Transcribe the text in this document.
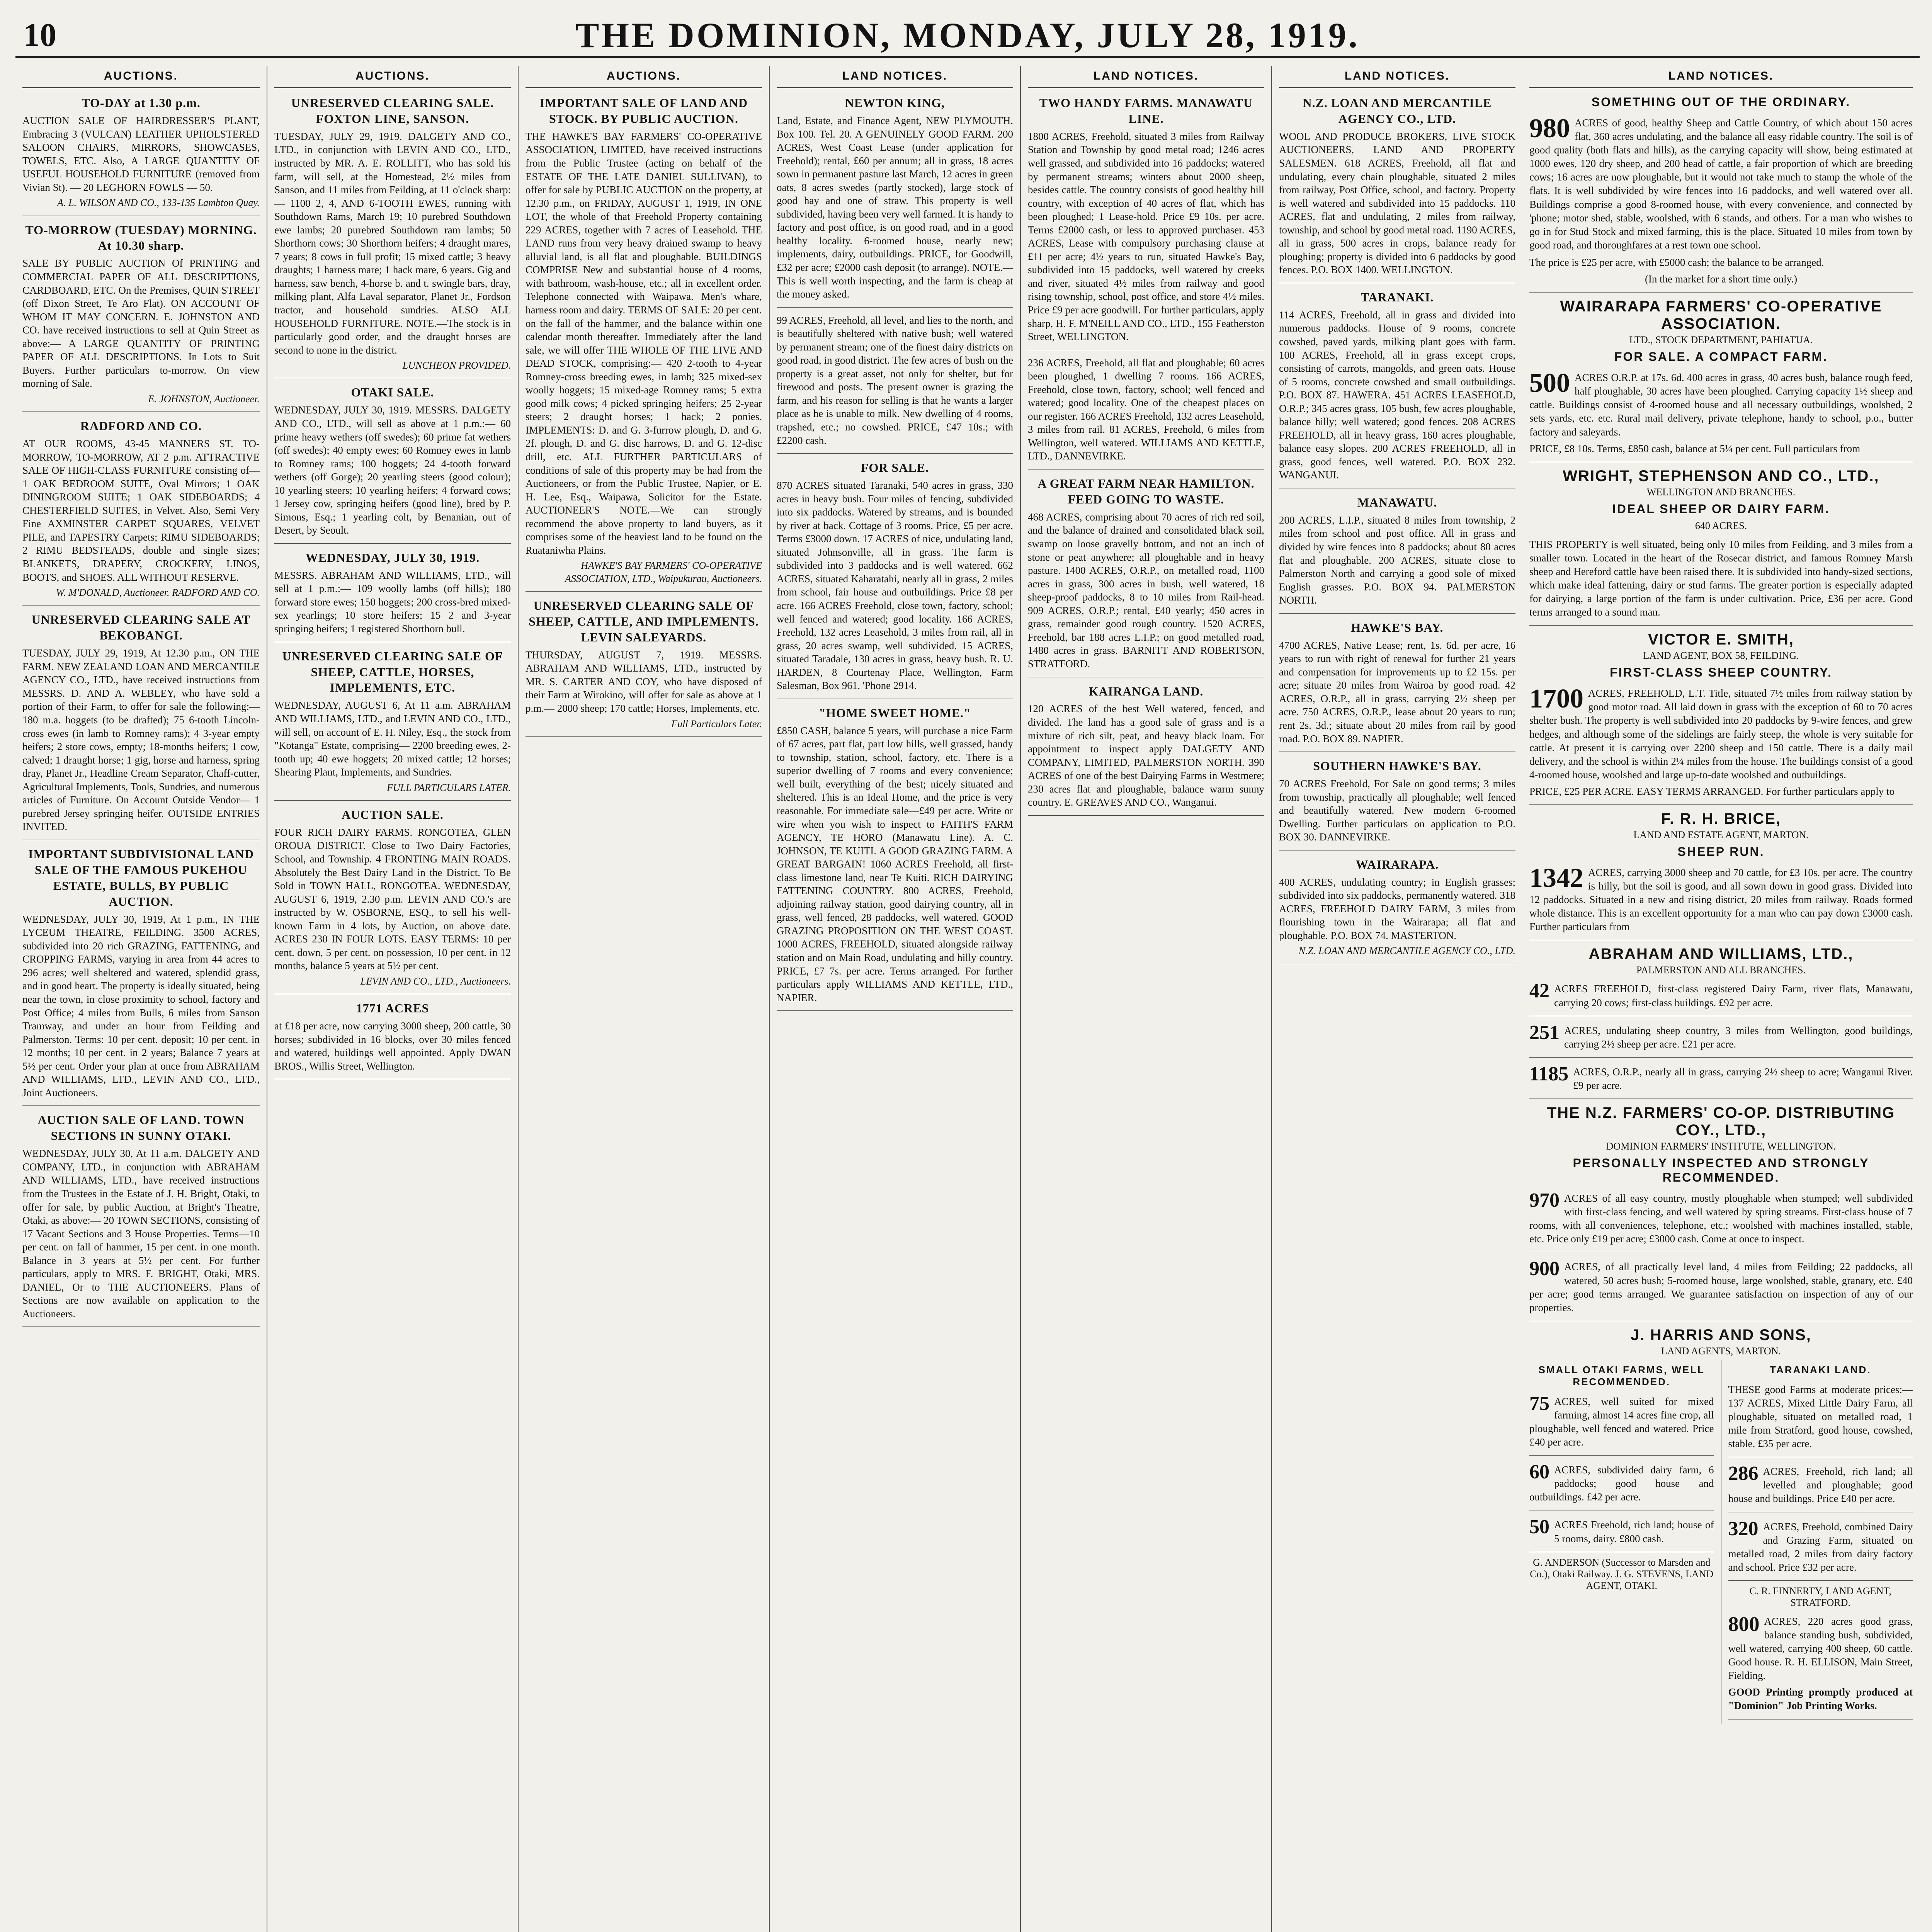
10	THE DOMINION, MONDAY, JULY 28, 1919.
AUCTIONS.
TO-DAY at 1.30 p.m.
AUCTION SALE OF HAIRDRESSER'S PLANT, Embracing 3 (VULCAN) LEATHER UPHOLSTERED SALOON CHAIRS, MIRRORS, SHOWCASES, TOWELS, ETC. Also, A LARGE QUANTITY OF USEFUL HOUSEHOLD FURNITURE (removed from Vivian St). — 20 LEGHORN FOWLS — 50.
A. L. WILSON AND CO., 133-135 Lambton Quay.
TO-MORROW (TUESDAY) MORNING. At 10.30 sharp.
SALE BY PUBLIC AUCTION Of PRINTING and COMMERCIAL PAPER OF ALL DESCRIPTIONS, CARDBOARD, ETC. On the Premises, QUIN STREET (off Dixon Street, Te Aro Flat). ON ACCOUNT OF WHOM IT MAY CONCERN. E. JOHNSTON AND CO. have received instructions to sell at Quin Street as above:— A LARGE QUANTITY OF PRINTING PAPER OF ALL DESCRIPTIONS. In Lots to Suit Buyers. Further particulars to-morrow. On view morning of Sale.
E. JOHNSTON, Auctioneer.
RADFORD AND CO.
AT OUR ROOMS, 43-45 MANNERS ST. TO-MORROW, TO-MORROW, AT 2 p.m. ATTRACTIVE SALE OF HIGH-CLASS FURNITURE consisting of— 1 OAK BEDROOM SUITE, Oval Mirrors; 1 OAK DININGROOM SUITE; 1 OAK SIDEBOARDS; 4 CHESTERFIELD SUITES, in Velvet. Also, Semi Very Fine AXMINSTER CARPET SQUARES, VELVET PILE, and TAPESTRY Carpets; RIMU SIDEBOARDS; 2 RIMU BEDSTEADS, double and single sizes; BLANKETS, DRAPERY, CROCKERY, LINOS, BOOTS, and SHOES. ALL WITHOUT RESERVE.
W. M'DONALD, Auctioneer. RADFORD AND CO.
UNRESERVED CLEARING SALE AT BEKOBANGI.
TUESDAY, JULY 29, 1919, At 12.30 p.m., ON THE FARM. NEW ZEALAND LOAN AND MERCANTILE AGENCY CO., LTD., have received instructions from MESSRS. D. AND A. WEBLEY, who have sold a portion of their Farm, to offer for sale the following:— 180 m.a. hoggets (to be drafted); 75 6-tooth Lincoln-cross ewes (in lamb to Romney rams); 4 3-year empty heifers; 2 store cows, empty; 18-months heifers; 1 cow, calved; 1 draught horse; 1 gig, horse and harness, spring dray, Planet Jr., Headline Cream Separator, Chaff-cutter, Agricultural Implements, Tools, Sundries, and numerous articles of Furniture. On Account Outside Vendor— 1 purebred Jersey springing heifer. OUTSIDE ENTRIES INVITED.
IMPORTANT SUBDIVISIONAL LAND SALE OF THE FAMOUS PUKEHOU ESTATE, BULLS, BY PUBLIC AUCTION.
WEDNESDAY, JULY 30, 1919, At 1 p.m., IN THE LYCEUM THEATRE, FEILDING. 3500 ACRES, subdivided into 20 rich GRAZING, FATTENING, and CROPPING FARMS, varying in area from 44 acres to 296 acres; well sheltered and watered, splendid grass, and in good heart. The property is ideally situated, being near the town, in close proximity to school, factory and Post Office; 4 miles from Bulls, 6 miles from Sanson Tramway, and under an hour from Feilding and Palmerston. Terms: 10 per cent. deposit; 10 per cent. in 12 months; 10 per cent. in 2 years; Balance 7 years at 5½ per cent. Order your plan at once from ABRAHAM AND WILLIAMS, LTD., LEVIN AND CO., LTD., Joint Auctioneers.
AUCTION SALE OF LAND. TOWN SECTIONS IN SUNNY OTAKI.
WEDNESDAY, JULY 30, At 11 a.m. DALGETY AND COMPANY, LTD., in conjunction with ABRAHAM AND WILLIAMS, LTD., have received instructions from the Trustees in the Estate of J. H. Bright, Otaki, to offer for sale, by public Auction, at Bright's Theatre, Otaki, as above:— 20 TOWN SECTIONS, consisting of 17 Vacant Sections and 3 House Properties. Terms—10 per cent. on fall of hammer, 15 per cent. in one month. Balance in 3 years at 5½ per cent. For further particulars, apply to MRS. F. BRIGHT, Otaki, MRS. DANIEL, Or to THE AUCTIONEERS. Plans of Sections are now available on application to the Auctioneers.
AUCTIONS.
UNRESERVED CLEARING SALE. FOXTON LINE, SANSON.
TUESDAY, JULY 29, 1919. DALGETY AND CO., LTD., in conjunction with LEVIN AND CO., LTD., instructed by MR. A. E. ROLLITT, who has sold his farm, will sell, at the Homestead, 2½ miles from Sanson, and 11 miles from Feilding, at 11 o'clock sharp:— 1100 2, 4, AND 6-TOOTH EWES, running with Southdown Rams, March 19; 10 purebred Southdown ewe lambs; 20 purebred Southdown ram lambs; 50 Shorthorn cows; 30 Shorthorn heifers; 4 draught mares, 7 years; 8 cows in full profit; 15 mixed cattle; 3 heavy draughts; 1 harness mare; 1 hack mare, 6 years. Gig and harness, saw bench, 4-horse b. and t. swingle bars, dray, milking plant, Alfa Laval separator, Planet Jr., Fordson tractor, and household sundries. ALSO ALL HOUSEHOLD FURNITURE. NOTE.—The stock is in particularly good order, and the draught horses are second to none in the district.
LUNCHEON PROVIDED.
OTAKI SALE.
WEDNESDAY, JULY 30, 1919. MESSRS. DALGETY AND CO., LTD., will sell as above at 1 p.m.:— 60 prime heavy wethers (off swedes); 60 prime fat wethers (off swedes); 40 empty ewes; 60 Romney ewes in lamb to Romney rams; 100 hoggets; 24 4-tooth forward wethers (off Gorge); 20 yearling steers (good colour); 10 yearling steers; 10 yearling heifers; 4 forward cows; 1 Jersey cow, springing heifers (good line), bred by P. Simons, Esq.; 1 yearling colt, by Benanian, out of Desert, by Seoult.
WEDNESDAY, JULY 30, 1919.
MESSRS. ABRAHAM AND WILLIAMS, LTD., will sell at 1 p.m.:— 109 woolly lambs (off hills); 180 forward store ewes; 150 hoggets; 200 cross-bred mixed-sex yearlings; 10 store heifers; 15 2 and 3-year springing heifers; 1 registered Shorthorn bull.
UNRESERVED CLEARING SALE OF SHEEP, CATTLE, HORSES, IMPLEMENTS, ETC.
WEDNESDAY, AUGUST 6, At 11 a.m. ABRAHAM AND WILLIAMS, LTD., and LEVIN AND CO., LTD., will sell, on account of E. H. Niley, Esq., the stock from "Kotanga" Estate, comprising— 2200 breeding ewes, 2-tooth up; 40 ewe hoggets; 20 mixed cattle; 12 horses; Shearing Plant, Implements, and Sundries.
FULL PARTICULARS LATER.
AUCTION SALE.
FOUR RICH DAIRY FARMS. RONGOTEA, GLEN OROUA DISTRICT. Close to Two Dairy Factories, School, and Township. 4 FRONTING MAIN ROADS. Absolutely the Best Dairy Land in the District. To Be Sold in TOWN HALL, RONGOTEA. WEDNESDAY, AUGUST 6, 1919, 2.30 p.m. LEVIN AND CO.'s are instructed by W. OSBORNE, ESQ., to sell his well-known Farm in 4 lots, by Auction, on above date. ACRES 230 IN FOUR LOTS. EASY TERMS: 10 per cent. down, 5 per cent. on possession, 10 per cent. in 12 months, balance 5 years at 5½ per cent.
LEVIN AND CO., LTD., Auctioneers.
1771 ACRES
at £18 per acre, now carrying 3000 sheep, 200 cattle, 30 horses; subdivided in 16 blocks, over 30 miles fenced and watered, buildings well appointed. Apply DWAN BROS., Willis Street, Wellington.
AUCTIONS.
IMPORTANT SALE OF LAND AND STOCK. BY PUBLIC AUCTION.
THE HAWKE'S BAY FARMERS' CO-OPERATIVE ASSOCIATION, LIMITED, have received instructions from the Public Trustee (acting on behalf of the ESTATE OF THE LATE DANIEL SULLIVAN), to offer for sale by PUBLIC AUCTION on the property, at 12.30 p.m., on FRIDAY, AUGUST 1, 1919, IN ONE LOT, the whole of that Freehold Property containing 229 ACRES, together with 7 acres of Leasehold. THE LAND runs from very heavy drained swamp to heavy alluvial land, is all flat and ploughable. BUILDINGS COMPRISE New and substantial house of 4 rooms, with bathroom, wash-house, etc.; all in excellent order. Telephone connected with Waipawa. Men's whare, harness room and dairy. TERMS OF SALE: 20 per cent. on the fall of the hammer, and the balance within one calendar month thereafter. Immediately after the land sale, we will offer THE WHOLE OF THE LIVE AND DEAD STOCK, comprising:— 420 2-tooth to 4-year Romney-cross breeding ewes, in lamb; 325 mixed-sex woolly hoggets; 15 mixed-age Romney rams; 5 extra good milk cows; 4 picked springing heifers; 25 2-year steers; 2 draught horses; 1 hack; 2 ponies. IMPLEMENTS: D. and G. 3-furrow plough, D. and G. 2f. plough, D. and G. disc harrows, D. and G. 12-disc drill, etc. ALL FURTHER PARTICULARS of conditions of sale of this property may be had from the Auctioneers, or from the Public Trustee, Napier, or E. H. Lee, Esq., Waipawa, Solicitor for the Estate. AUCTIONEER'S NOTE.—We can strongly recommend the above property to land buyers, as it comprises some of the heaviest land to be found on the Ruataniwha Plains.
HAWKE'S BAY FARMERS' CO-OPERATIVE ASSOCIATION, LTD., Waipukurau, Auctioneers.
UNRESERVED CLEARING SALE OF SHEEP, CATTLE, AND IMPLEMENTS. LEVIN SALEYARDS.
THURSDAY, AUGUST 7, 1919. MESSRS. ABRAHAM AND WILLIAMS, LTD., instructed by MR. S. CARTER AND COY, who have disposed of their Farm at Wirokino, will offer for sale as above at 1 p.m.— 2000 sheep; 170 cattle; Horses, Implements, etc.
Full Particulars Later.
LAND NOTICES.
NEWTON KING,
Land, Estate, and Finance Agent, NEW PLYMOUTH. Box 100. Tel. 20. A GENUINELY GOOD FARM. 200 ACRES, West Coast Lease (under application for Freehold); rental, £60 per annum; all in grass, 18 acres sown in permanent pasture last March, 12 acres in green oats, 8 acres swedes (partly stocked), large stock of good hay and one of straw. This property is well subdivided, having been very well farmed. It is handy to factory and post office, is on good road, and in a good healthy locality. 6-roomed house, nearly new; implements, dairy, outbuildings. PRICE, for Goodwill, £32 per acre; £2000 cash deposit (to arrange). NOTE.—This is well worth inspecting, and the farm is cheap at the money asked.
99 ACRES, Freehold, all level, and lies to the north, and is beautifully sheltered with native bush; well watered by permanent stream; one of the finest dairy districts on good road, in good district. The few acres of bush on the property is a great asset, not only for shelter, but for firewood and posts. The present owner is grazing the farm, and his reason for selling is that he wants a larger place as he is unable to milk. New dwelling of 4 rooms, trapshed, etc.; no cowshed. PRICE, £47 10s.; with £2200 cash.
FOR SALE.
870 ACRES situated Taranaki, 540 acres in grass, 330 acres in heavy bush. Four miles of fencing, subdivided into six paddocks. Watered by streams, and is bounded by river at back. Cottage of 3 rooms. Price, £5 per acre. Terms £3000 down. 17 ACRES of nice, undulating land, situated Johnsonville, all in grass. The farm is subdivided into 3 paddocks and is well watered. 662 ACRES, situated Kaharatahi, nearly all in grass, 2 miles from school, fair house and outbuildings. Price £8 per acre. 166 ACRES Freehold, close town, factory, school; well fenced and watered; good locality. 166 ACRES, Freehold, 132 acres Leasehold, 3 miles from rail, all in grass, 20 acres swamp, well subdivided. 15 ACRES, situated Taradale, 130 acres in grass, heavy bush. R. U. HARDEN, 8 Courtenay Place, Wellington, Farm Salesman, Box 961. 'Phone 2914.
"HOME SWEET HOME."
£850 CASH, balance 5 years, will purchase a nice Farm of 67 acres, part flat, part low hills, well grassed, handy to township, station, school, factory, etc. There is a superior dwelling of 7 rooms and every convenience; well built, everything of the best; nicely situated and sheltered. This is an Ideal Home, and the price is very reasonable. For immediate sale—£49 per acre. Write or wire when you wish to inspect to FAITH'S FARM AGENCY, TE HORO (Manawatu Line). A. C. JOHNSON, TE KUITI. A GOOD GRAZING FARM. A GREAT BARGAIN! 1060 ACRES Freehold, all first-class limestone land, near Te Kuiti. RICH DAIRYING FATTENING COUNTRY. 800 ACRES, Freehold, adjoining railway station, good dairying country, all in grass, well fenced, 28 paddocks, well watered. GOOD GRAZING PROPOSITION ON THE WEST COAST. 1000 ACRES, FREEHOLD, situated alongside railway station and on Main Road, undulating and hilly country. PRICE, £7 7s. per acre. Terms arranged. For further particulars apply WILLIAMS AND KETTLE, LTD., NAPIER.
LAND NOTICES.
TWO HANDY FARMS. MANAWATU LINE.
1800 ACRES, Freehold, situated 3 miles from Railway Station and Township by good metal road; 1246 acres well grassed, and subdivided into 16 paddocks; watered by permanent streams; winters about 2000 sheep, besides cattle. The country consists of good healthy hill country, with exception of 40 acres of flat, which has been ploughed; 1 Lease-hold. Price £9 10s. per acre. Terms £2000 cash, or less to approved purchaser. 453 ACRES, Lease with compulsory purchasing clause at £11 per acre; 4½ years to run, situated Hawke's Bay, subdivided into 15 paddocks, well watered by creeks and river, situated 4½ miles from railway and good rising township, school, post office, and store 4½ miles. Price £9 per acre goodwill. For further particulars, apply sharp, H. F. M'NEILL AND CO., LTD., 155 Featherston Street, WELLINGTON.
236 ACRES, Freehold, all flat and ploughable; 60 acres been ploughed, 1 dwelling 7 rooms. 166 ACRES, Freehold, close town, factory, school; well fenced and watered; good locality. One of the cheapest places on our register. 166 ACRES Freehold, 132 acres Leasehold, 3 miles from rail. 81 ACRES, Freehold, 6 miles from Wellington, well watered. WILLIAMS AND KETTLE, LTD., DANNEVIRKE.
A GREAT FARM NEAR HAMILTON. FEED GOING TO WASTE.
468 ACRES, comprising about 70 acres of rich red soil, and the balance of drained and consolidated black soil, swamp on loose gravelly bottom, and not an inch of stone or peat anywhere; all ploughable and in heavy pasture. 1400 ACRES, O.R.P., on metalled road, 1100 acres in grass, 300 acres in bush, well watered, 18 sheep-proof paddocks, 8 to 10 miles from Rail-head. 909 ACRES, O.R.P.; rental, £40 yearly; 450 acres in grass, remainder good rough country. 1520 ACRES, Freehold, bar 188 acres L.I.P.; on good metalled road, 1480 acres in grass. BARNITT AND ROBERTSON, STRATFORD.
KAIRANGA LAND.
120 ACRES of the best Well watered, fenced, and divided. The land has a good sale of grass and is a mixture of rich silt, peat, and heavy black loam. For appointment to inspect apply DALGETY AND COMPANY, LIMITED, PALMERSTON NORTH. 390 ACRES of one of the best Dairying Farms in Westmere; 230 acres flat and ploughable, balance warm sunny country. E. GREAVES AND CO., Wanganui.
LAND NOTICES.
N.Z. LOAN AND MERCANTILE AGENCY CO., LTD.
WOOL AND PRODUCE BROKERS, LIVE STOCK AUCTIONEERS, LAND AND PROPERTY SALESMEN. 618 ACRES, Freehold, all flat and undulating, every chain ploughable, situated 2 miles from railway, Post Office, school, and factory. Property is well watered and subdivided into 15 paddocks. 110 ACRES, flat and undulating, 2 miles from railway, township, and school by good metal road. 1190 ACRES, all in grass, 500 acres in crops, balance ready for ploughing; property is divided into 6 paddocks by good fences. P.O. BOX 1400. WELLINGTON.
TARANAKI.
114 ACRES, Freehold, all in grass and divided into numerous paddocks. House of 9 rooms, concrete cowshed, paved yards, milking plant goes with farm. 100 ACRES, Freehold, all in grass except crops, consisting of carrots, mangolds, and green oats. House of 5 rooms, concrete cowshed and small outbuildings. P.O. BOX 87. HAWERA. 451 ACRES LEASEHOLD, O.R.P.; 345 acres grass, 105 bush, few acres ploughable, balance hilly; well watered; good fences. 208 ACRES FREEHOLD, all in heavy grass, 160 acres ploughable, balance easy slopes. 200 ACRES FREEHOLD, all in grass, good fences, well watered. P.O. BOX 232. WANGANUI.
MANAWATU.
200 ACRES, L.I.P., situated 8 miles from township, 2 miles from school and post office. All in grass and divided by wire fences into 8 paddocks; about 80 acres flat and ploughable. 200 ACRES, situate close to Palmerston North and carrying a good sole of mixed English grasses. P.O. BOX 94. PALMERSTON NORTH.
HAWKE'S BAY.
4700 ACRES, Native Lease; rent, 1s. 6d. per acre, 16 years to run with right of renewal for further 21 years and compensation for improvements up to £2 15s. per acre; situate 20 miles from Wairoa by good road. 42 ACRES, O.R.P., all in grass, carrying 2½ sheep per acre. 750 ACRES, O.R.P., lease about 20 years to run; rent 2s. 3d.; situate about 20 miles from rail by good road. P.O. BOX 89. NAPIER.
SOUTHERN HAWKE'S BAY.
70 ACRES Freehold, For Sale on good terms; 3 miles from township, practically all ploughable; well fenced and beautifully watered. New modern 6-roomed Dwelling. Further particulars on application to P.O. BOX 30. DANNEVIRKE.
WAIRARAPA.
400 ACRES, undulating country; in English grasses; subdivided into six paddocks, permanently watered. 318 ACRES, FREEHOLD DAIRY FARM, 3 miles from flourishing town in the Wairarapa; all flat and ploughable. P.O. BOX 74. MASTERTON.
N.Z. LOAN AND MERCANTILE AGENCY CO., LTD.
LAND NOTICES.
SOMETHING OUT OF THE ORDINARY.
980 ACRES of good, healthy Sheep and Cattle Country, of which about 150 acres flat, 360 acres undulating, and the balance all easy ridable country. The soil is of good quality (both flats and hills), as the carrying capacity will show, being estimated at 1000 ewes, 120 dry sheep, and 200 head of cattle, a fair proportion of which are breeding cows; 16 acres are now ploughable, but it would not take much to stamp the whole of the flats. It is well subdivided by wire fences into 16 paddocks, and well watered over all. Buildings comprise a good 8-roomed house, with every convenience, and connected by 'phone; motor shed, stable, woolshed, with 6 stands, and others. For a man who wishes to go in for Stud Stock and mixed farming, this is the place. Situated 10 miles from town by good road, and thoroughfares at a rest town one school.

The price is £25 per acre, with £5000 cash; the balance to be arranged.

(In the market for a short time only.)

WAIRARAPA FARMERS' CO-OPERATIVE ASSOCIATION.
LTD., STOCK DEPARTMENT, PAHIATUA.
FOR SALE. A COMPACT FARM.
500 ACRES O.R.P. at 17s. 6d. 400 acres in grass, 40 acres bush, balance rough feed, half ploughable, 30 acres have been ploughed. Carrying capacity 1½ sheep and cattle. Buildings consist of 4-roomed house and all necessary outbuildings, woolshed, 2 sets yards, etc. etc. Rural mail delivery, private telephone, handy to school, p.o., butter factory and saleyards.

PRICE, £8 10s. Terms, £850 cash, balance at 5¼ per cent. Full particulars from

WRIGHT, STEPHENSON AND CO., LTD.,
WELLINGTON AND BRANCHES.
IDEAL SHEEP OR DAIRY FARM.
640 ACRES.
THIS PROPERTY is well situated, being only 10 miles from Feilding, and 3 miles from a smaller town. Located in the heart of the Rosecar district, and famous Romney Marsh sheep and Hereford cattle have been raised there. It is subdivided into handy-sized sections, which make ideal fattening, dairy or stud farms. The greater portion is especially adapted for dairying, a large portion of the farm is under cultivation. Price, £36 per acre. Good terms arranged to a sound man.
VICTOR E. SMITH,
LAND AGENT, BOX 58, FEILDING.
FIRST-CLASS SHEEP COUNTRY.
1700 ACRES, FREEHOLD, L.T. Title, situated 7½ miles from railway station by good motor road. All laid down in grass with the exception of 60 to 70 acres shelter bush. The property is well subdivided into 20 paddocks by 9-wire fences, and grew hedges, and although some of the sidelings are fairly steep, the whole is very suitable for cattle. At present it is carrying over 2200 sheep and 150 cattle. There is a daily mail delivery, and the school is within 2¼ miles from the house. The buildings consist of a good 4-roomed house, woolshed and large up-to-date woolshed and outbuildings.

PRICE, £25 PER ACRE. EASY TERMS ARRANGED. For further particulars apply to

F. R. H. BRICE,
LAND AND ESTATE AGENT, MARTON.
SHEEP RUN.
1342 ACRES, carrying 3000 sheep and 70 cattle, for £3 10s. per acre. The country is hilly, but the soil is good, and all sown down in good grass. Divided into 12 paddocks. Situated in a new and rising district, 20 miles from railway. Roads formed whole distance. This is an excellent opportunity for a man who can pay down £3000 cash. Further particulars from
ABRAHAM AND WILLIAMS, LTD.,
PALMERSTON AND ALL BRANCHES.
42 ACRES FREEHOLD, first-class registered Dairy Farm, river flats, Manawatu, carrying 20 cows; first-class buildings. £92 per acre.
251 ACRES, undulating sheep country, 3 miles from Wellington, good buildings, carrying 2½ sheep per acre. £21 per acre.
1185 ACRES, O.R.P., nearly all in grass, carrying 2½ sheep to acre; Wanganui River. £9 per acre.
THE N.Z. FARMERS' CO-OP. DISTRIBUTING COY., LTD.,
DOMINION FARMERS' INSTITUTE, WELLINGTON.
PERSONALLY INSPECTED AND STRONGLY RECOMMENDED.
970 ACRES of all easy country, mostly ploughable when stumped; well subdivided with first-class fencing, and well watered by spring streams. First-class house of 7 rooms, with all conveniences, telephone, etc.; woolshed with machines installed, stable, etc. Price only £19 per acre; £3000 cash. Come at once to inspect.
900 ACRES, of all practically level land, 4 miles from Feilding; 22 paddocks, all watered, 50 acres bush; 5-roomed house, large woolshed, stable, granary, etc. £40 per acre; good terms arranged. We guarantee satisfaction on inspection of any of our properties.
J. HARRIS AND SONS,
LAND AGENTS, MARTON.
SMALL OTAKI FARMS, WELL RECOMMENDED.
75 ACRES, well suited for mixed farming, almost 14 acres fine crop, all ploughable, well fenced and watered. Price £40 per acre.
60 ACRES, subdivided dairy farm, 6 paddocks; good house and outbuildings. £42 per acre.
50 ACRES Freehold, rich land; house of 5 rooms, dairy. £800 cash.
G. ANDERSON (Successor to Marsden and Co.), Otaki Railway. J. G. STEVENS, LAND AGENT, OTAKI.
TARANAKI LAND.
THESE good Farms at moderate prices:— 137 ACRES, Mixed Little Dairy Farm, all ploughable, situated on metalled road, 1 mile from Stratford, good house, cowshed, stable. £35 per acre.
286 ACRES, Freehold, rich land; all levelled and ploughable; good house and buildings. Price £40 per acre.
320 ACRES, Freehold, combined Dairy and Grazing Farm, situated on metalled road, 2 miles from dairy factory and school. Price £32 per acre.
C. R. FINNERTY, LAND AGENT, STRATFORD.
800 ACRES, 220 acres good grass, balance standing bush, subdivided, well watered, carrying 400 sheep, 60 cattle. Good house. R. H. ELLISON, Main Street, Fielding.

GOOD Printing promptly produced at "Dominion" Job Printing Works.
